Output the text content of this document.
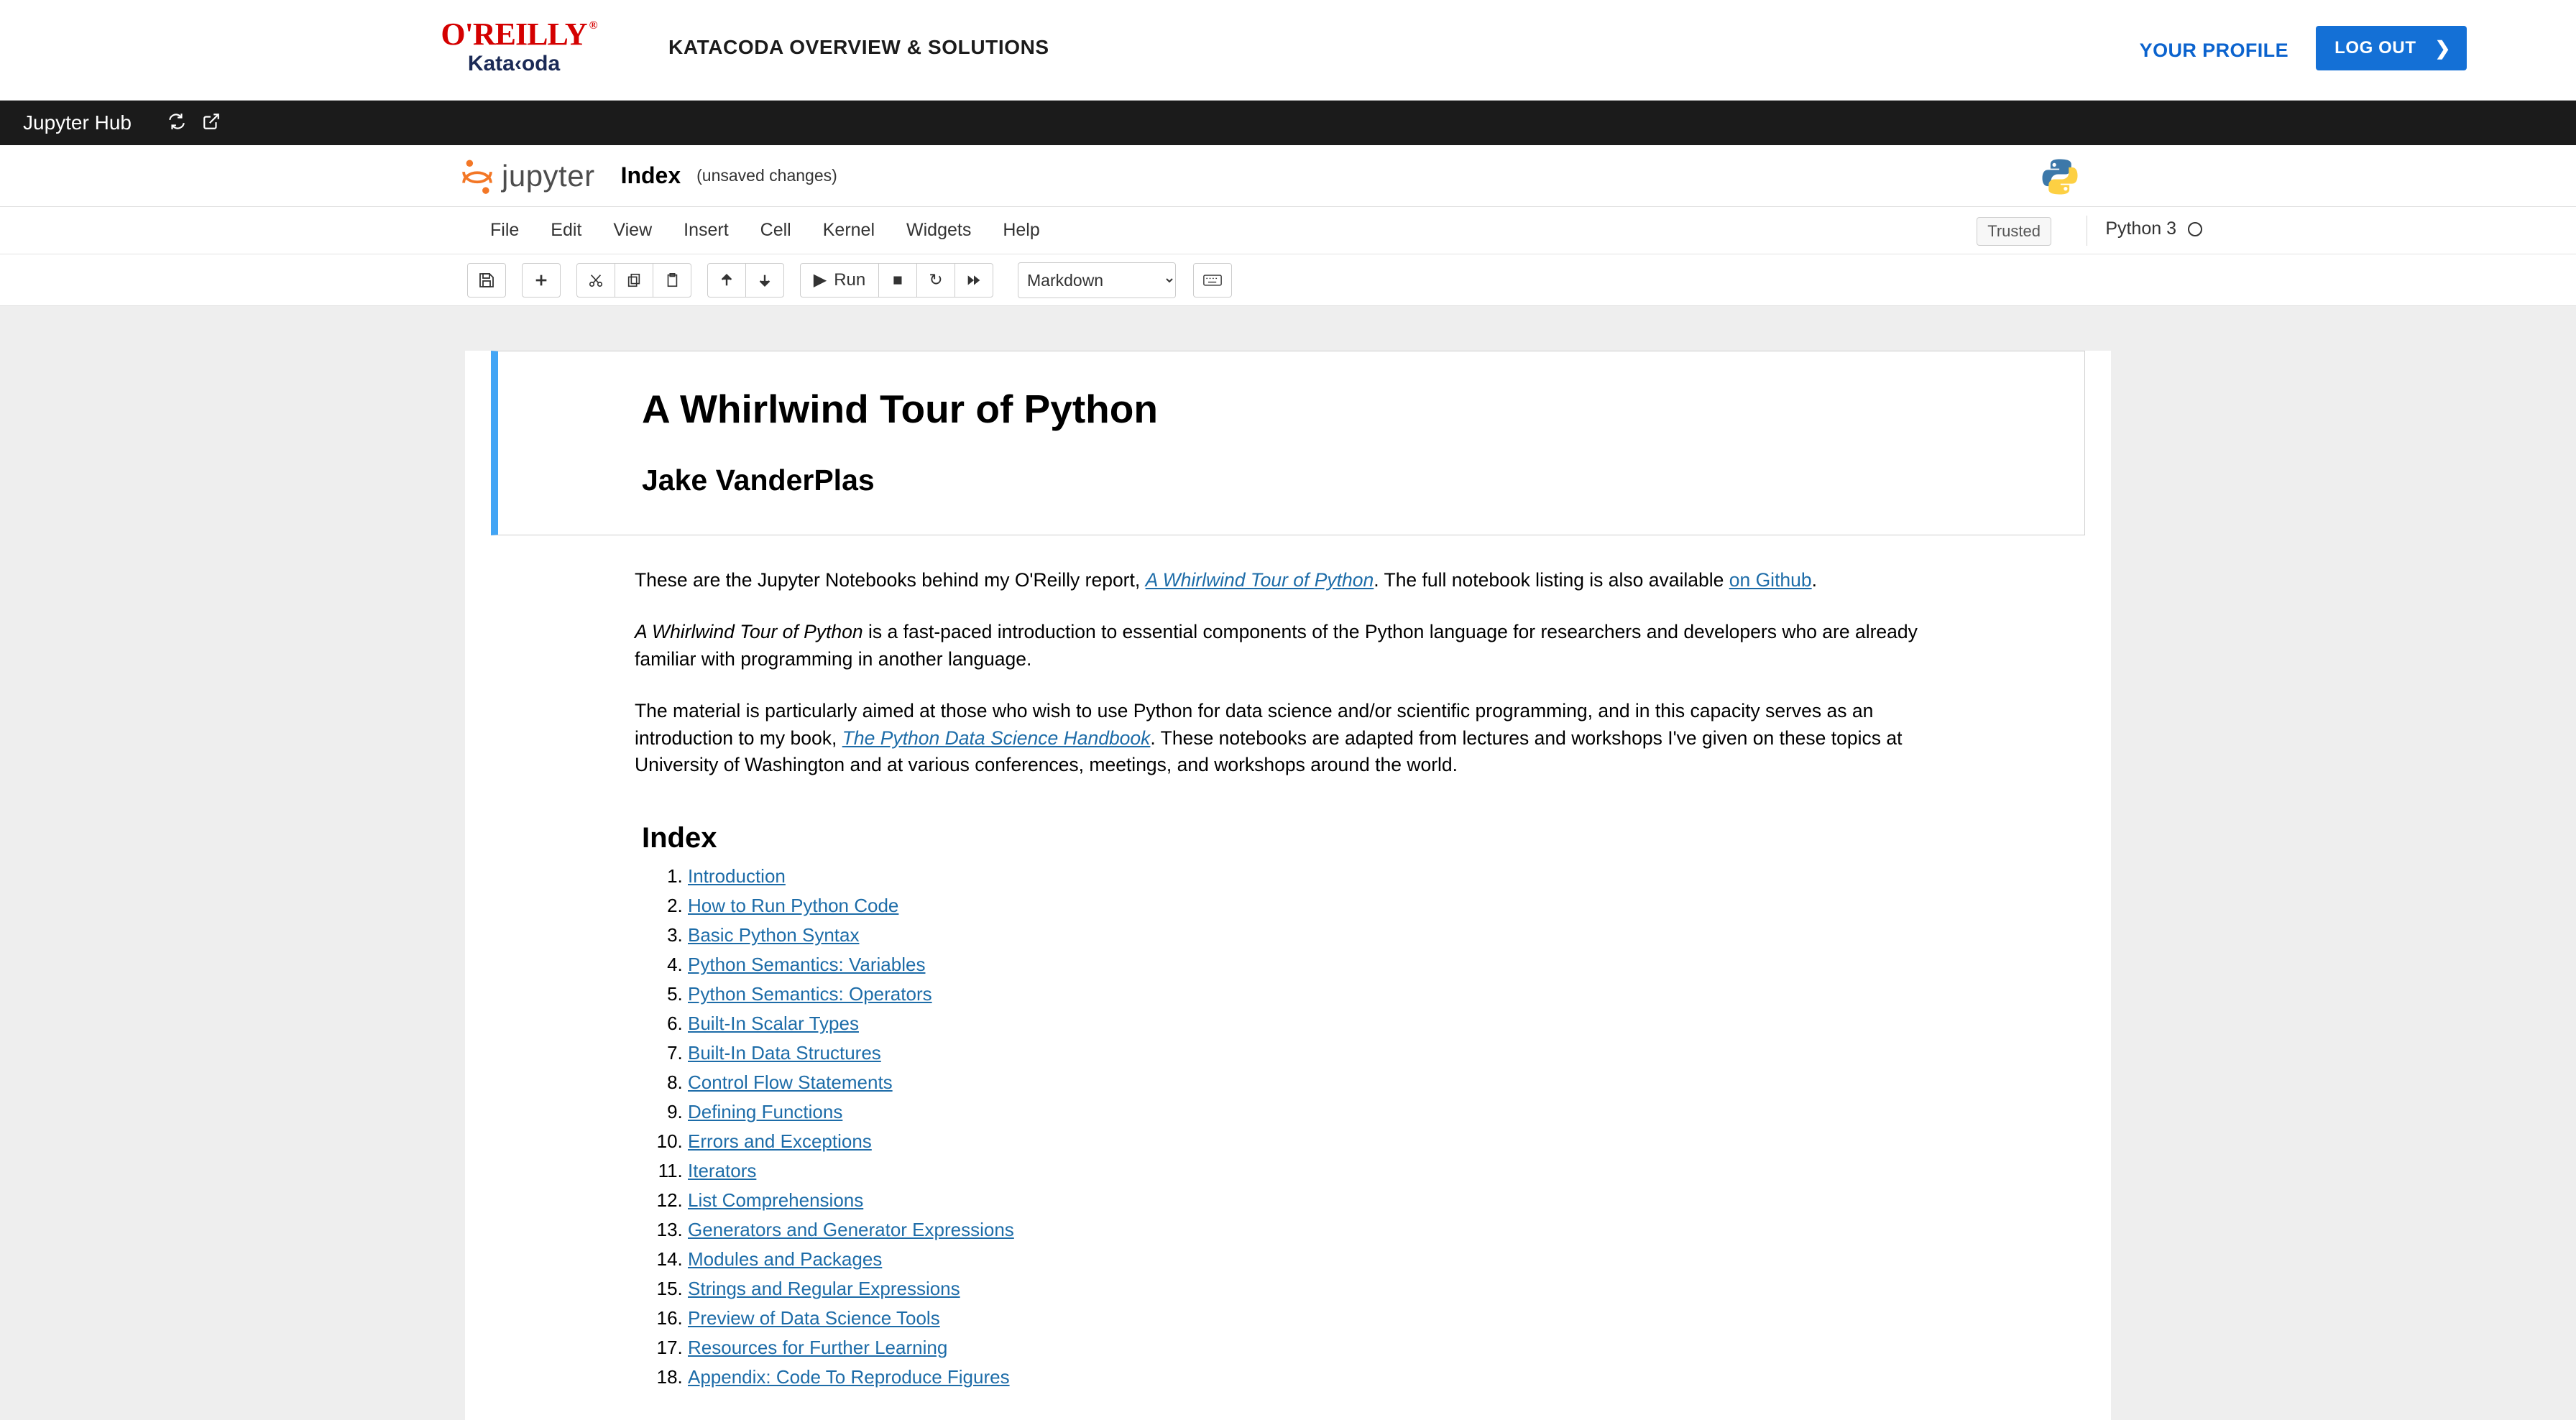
O'REILLY ®
Kata‹oda
KATACODA OVERVIEW & SOLUTIONS	YOUR PROFILE	LOG OUT ❯
Jupyter Hub
jupyter Index (unsaved changes)
File	Edit	View	Insert	Cell	Kernel	Widgets	Help	Trusted	Python 3
▶ Run ■ ↻
Markdown
A Whirlwind Tour of Python
Jake VanderPlas

These are the Jupyter Notebooks behind my O'Reilly report, A Whirlwind Tour of Python. The full notebook listing is also available on Github.

A Whirlwind Tour of Python is a fast-paced introduction to essential components of the Python language for researchers and developers who are already familiar with programming in another language.

The material is particularly aimed at those who wish to use Python for data science and/or scientific programming, and in this capacity serves as an introduction to my book, The Python Data Science Handbook. These notebooks are adapted from lectures and workshops I've given on these topics at University of Washington and at various conferences, meetings, and workshops around the world.

Index
1. Introduction
2. How to Run Python Code
3. Basic Python Syntax
4. Python Semantics: Variables
5. Python Semantics: Operators
6. Built-In Scalar Types
7. Built-In Data Structures
8. Control Flow Statements
9. Defining Functions
10. Errors and Exceptions
11. Iterators
12. List Comprehensions
13. Generators and Generator Expressions
14. Modules and Packages
15. Strings and Regular Expressions
16. Preview of Data Science Tools
17. Resources for Further Learning
18. Appendix: Code To Reproduce Figures
